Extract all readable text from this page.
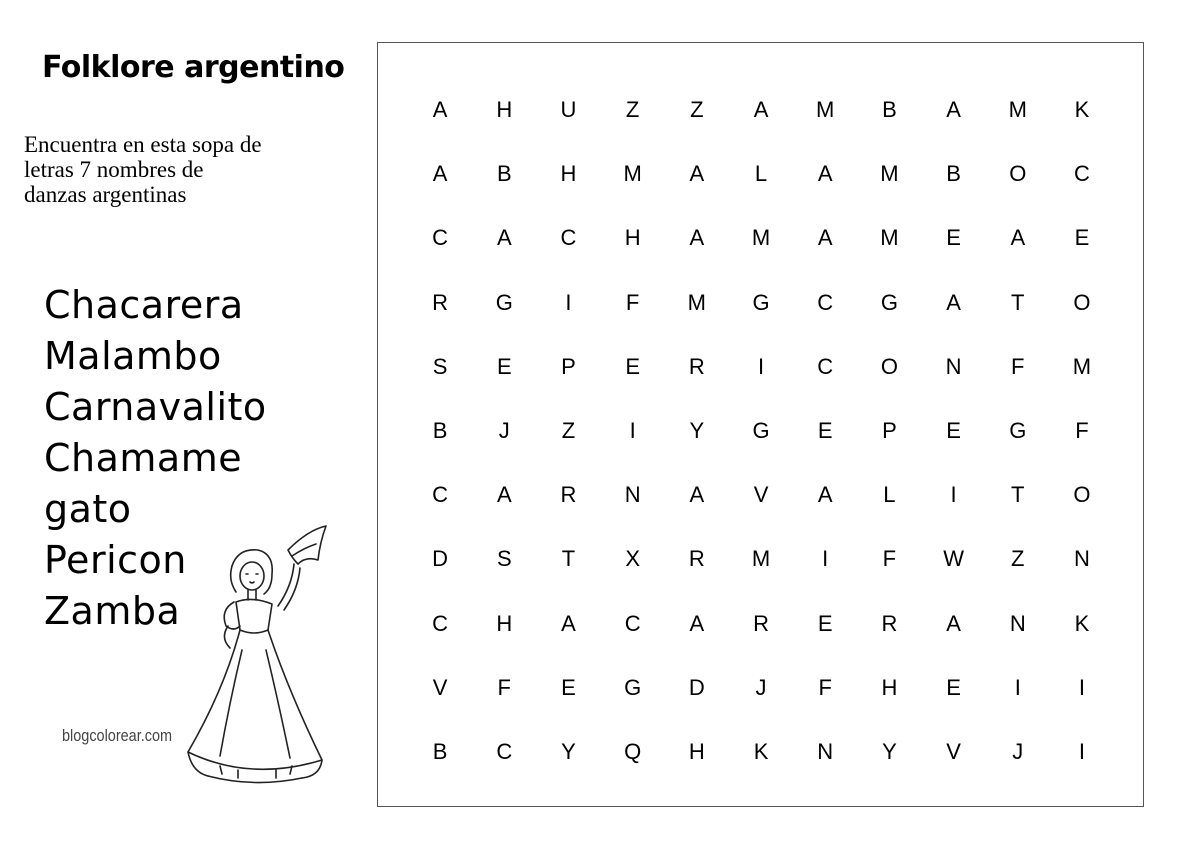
Folklore argentino
Encuentra en esta sopa de
letras 7 nombres de
danzas argentinas
Chacarera
Malambo
Carnavalito
Chamame
gato
Pericon
Zamba
blogcolorear.com
A	H	U	Z	Z	A	M	B	A	M	K
A	B	H	M	A	L	A	M	B	O	C
C	A	C	H	A	M	A	M	E	A	E
R	G	I	F	M	G	C	G	A	T	O
S	E	P	E	R	I	C	O	N	F	M
B	J	Z	I	Y	G	E	P	E	G	F
C	A	R	N	A	V	A	L	I	T	O
D	S	T	X	R	M	I	F	W	Z	N
C	H	A	C	A	R	E	R	A	N	K
V	F	E	G	D	J	F	H	E	I	I
B	C	Y	Q	H	K	N	Y	V	J	I
